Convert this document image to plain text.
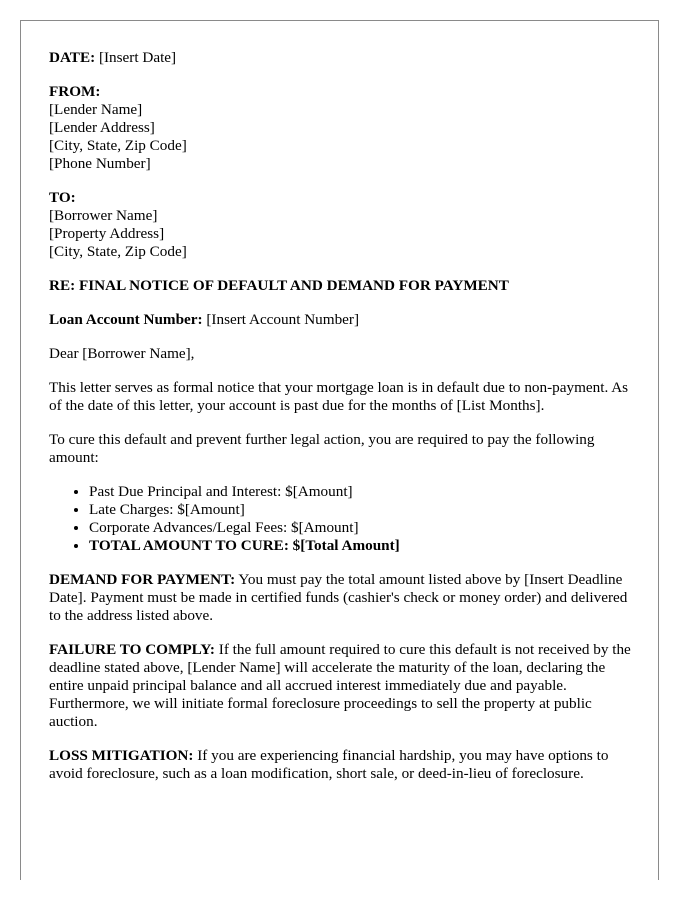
DATE: [Insert Date]

FROM:
[Lender Name]
[Lender Address]
[City, State, Zip Code]
[Phone Number]
TO:
[Borrower Name]
[Property Address]
[City, State, Zip Code]

RE: FINAL NOTICE OF DEFAULT AND DEMAND FOR PAYMENT

Loan Account Number: [Insert Account Number]

Dear [Borrower Name],

This letter serves as formal notice that your mortgage loan is in default due to non-payment. As of the date of this letter, your account is past due for the months of [List Months].

To cure this default and prevent further legal action, you are required to pay the following amount:

• Past Due Principal and Interest: $[Amount]
• Late Charges: $[Amount]
• Corporate Advances/Legal Fees: $[Amount]
• TOTAL AMOUNT TO CURE: $[Total Amount]

DEMAND FOR PAYMENT: You must pay the total amount listed above by [Insert Deadline Date]. Payment must be made in certified funds (cashier's check or money order) and delivered to the address listed above.

FAILURE TO COMPLY: If the full amount required to cure this default is not received by the deadline stated above, [Lender Name] will accelerate the maturity of the loan, declaring the entire unpaid principal balance and all accrued interest immediately due and payable. Furthermore, we will initiate formal foreclosure proceedings to sell the property at public auction.

LOSS MITIGATION: If you are experiencing financial hardship, you may have options to avoid foreclosure, such as a loan modification, short sale, or deed-in-lieu of foreclosure.
